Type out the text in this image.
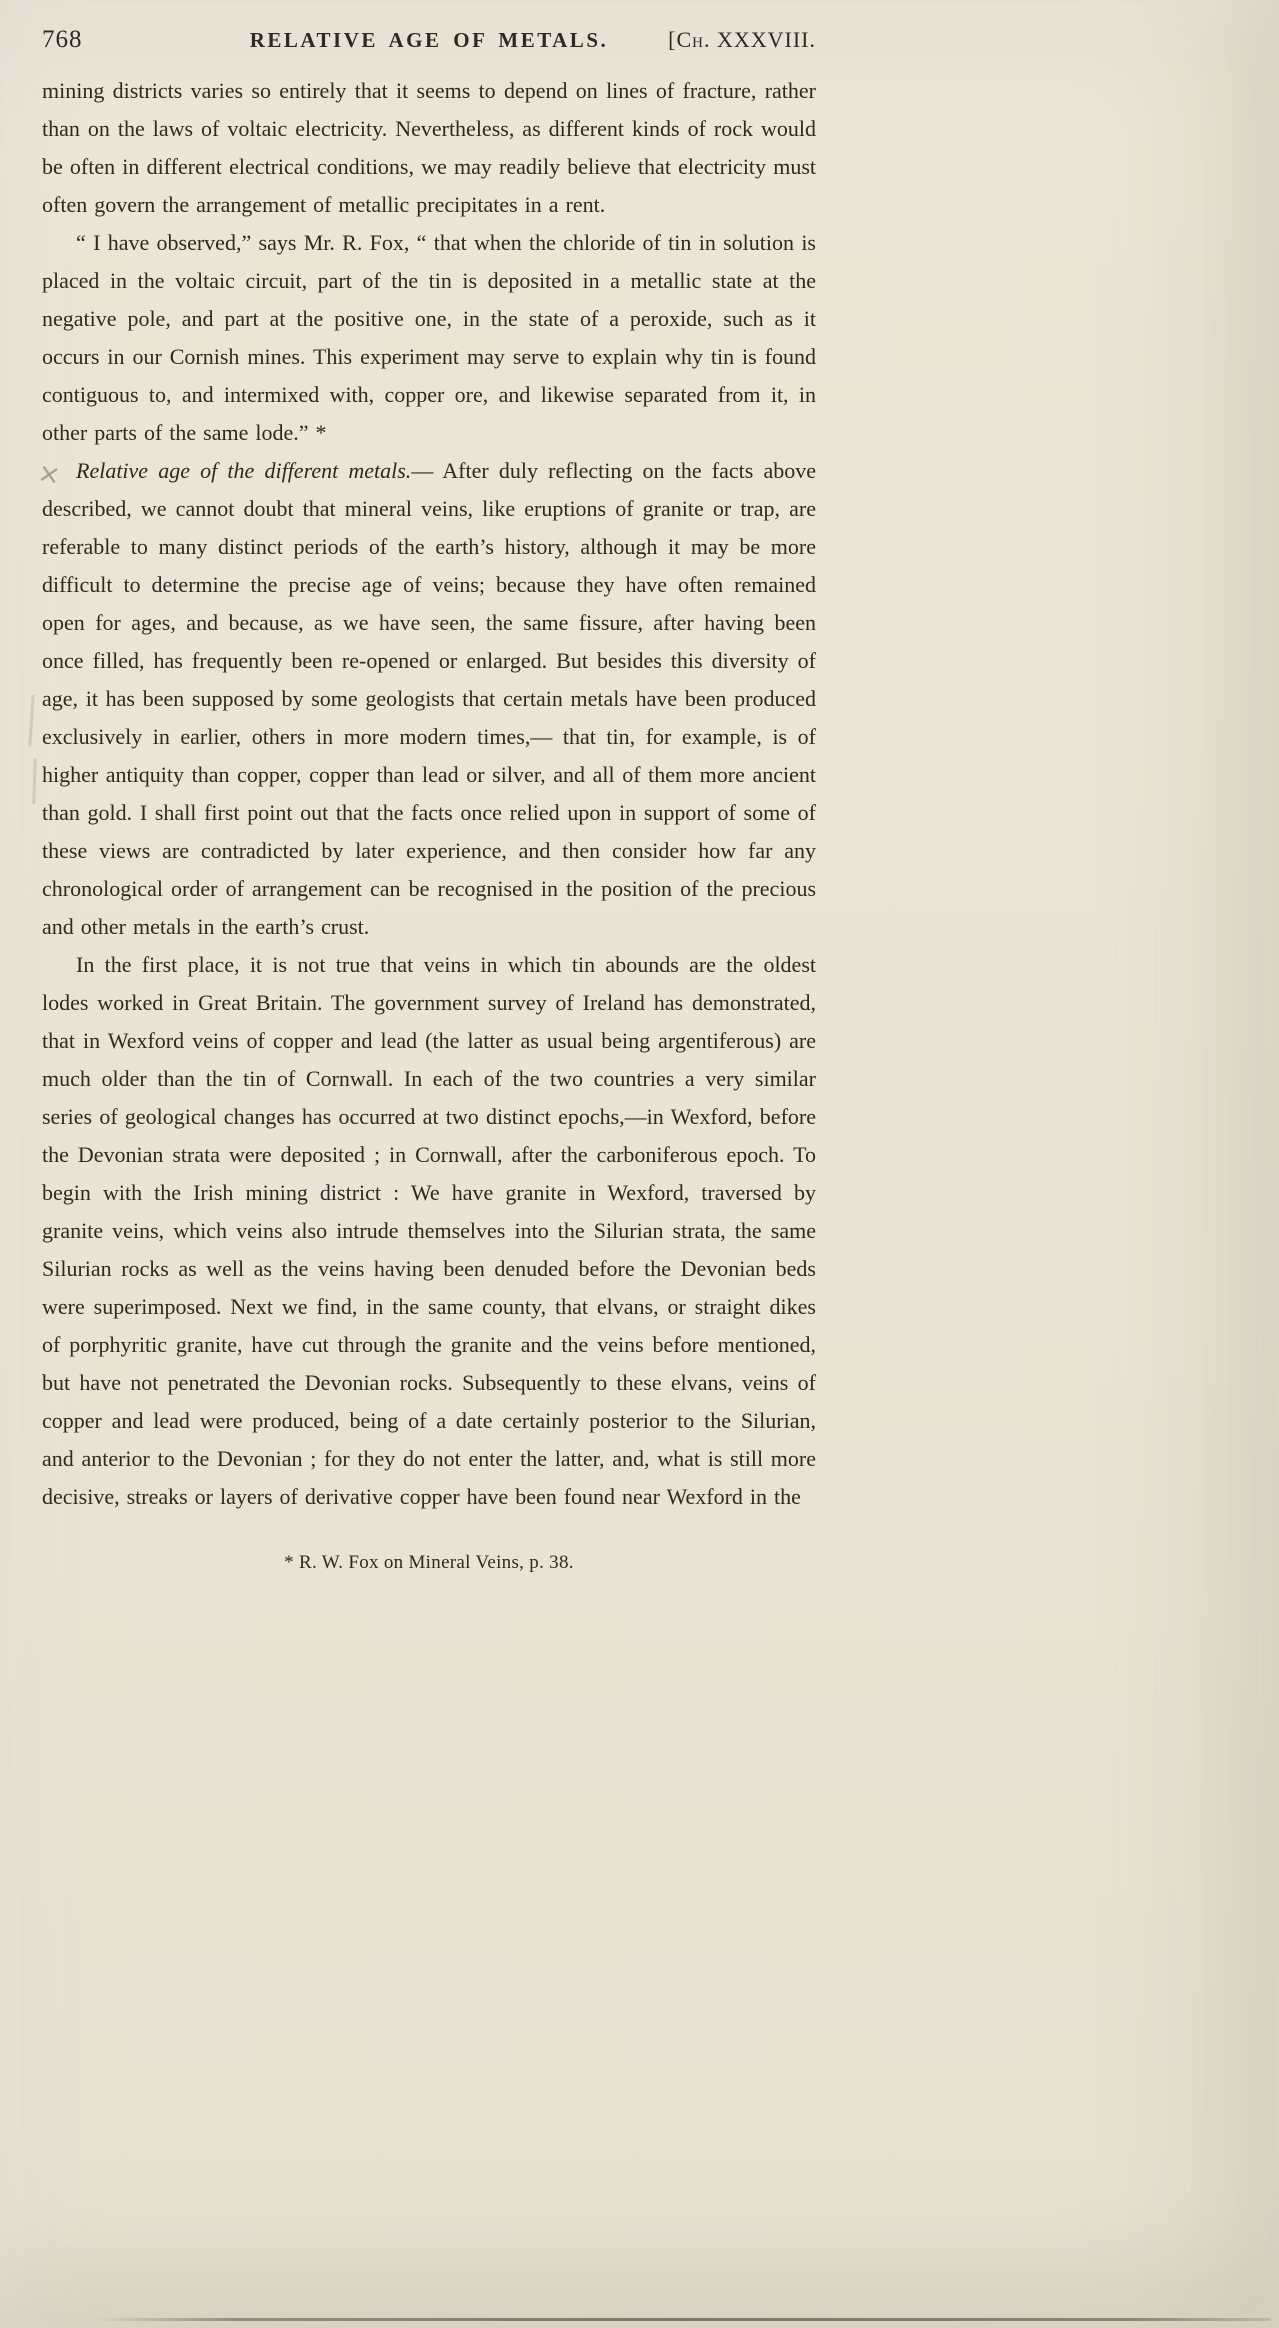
768	RELATIVE AGE OF METALS.	[Ch. XXXVIII.

mining districts varies so entirely that it seems to depend on lines of fracture, rather than on the laws of voltaic electricity. Nevertheless, as different kinds of rock would be often in different electrical conditions, we may readily believe that electricity must often govern the arrangement of metallic precipitates in a rent.

“ I have observed,” says Mr. R. Fox, “ that when the chloride of tin in solution is placed in the voltaic circuit, part of the tin is deposited in a metallic state at the negative pole, and part at the positive one, in the state of a peroxide, such as it occurs in our Cornish mines. This experiment may serve to explain why tin is found contiguous to, and intermixed with, copper ore, and likewise separated from it, in other parts of the same lode.” *

× Relative age of the different metals.— After duly reflecting on the facts above described, we cannot doubt that mineral veins, like eruptions of granite or trap, are referable to many distinct periods of the earth’s history, although it may be more difficult to determine the precise age of veins; because they have often remained open for ages, and because, as we have seen, the same fissure, after having been once filled, has frequently been re-opened or enlarged. But besides this diversity of age, it has been supposed by some geologists that certain metals have been produced exclusively in earlier, others in more modern times,— that tin, for example, is of higher antiquity than copper, copper than lead or silver, and all of them more ancient than gold. I shall first point out that the facts once relied upon in support of some of these views are contradicted by later experience, and then consider how far any chronological order of arrangement can be recognised in the position of the precious and other metals in the earth’s crust.

In the first place, it is not true that veins in which tin abounds are the oldest lodes worked in Great Britain. The government survey of Ireland has demonstrated, that in Wexford veins of copper and lead (the latter as usual being argentiferous) are much older than the tin of Cornwall. In each of the two countries a very similar series of geological changes has occurred at two distinct epochs,—in Wexford, before the Devonian strata were deposited ; in Cornwall, after the carboniferous epoch. To begin with the Irish mining district : We have granite in Wexford, traversed by granite veins, which veins also intrude themselves into the Silurian strata, the same Silurian rocks as well as the veins having been denuded before the Devonian beds were superimposed. Next we find, in the same county, that elvans, or straight dikes of porphyritic granite, have cut through the granite and the veins before mentioned, but have not penetrated the Devonian rocks. Subsequently to these elvans, veins of copper and lead were produced, being of a date certainly posterior to the Silurian, and anterior to the Devonian ; for they do not enter the latter, and, what is still more decisive, streaks or layers of derivative copper have been found near Wexford in the

* R. W. Fox on Mineral Veins, p. 38.
